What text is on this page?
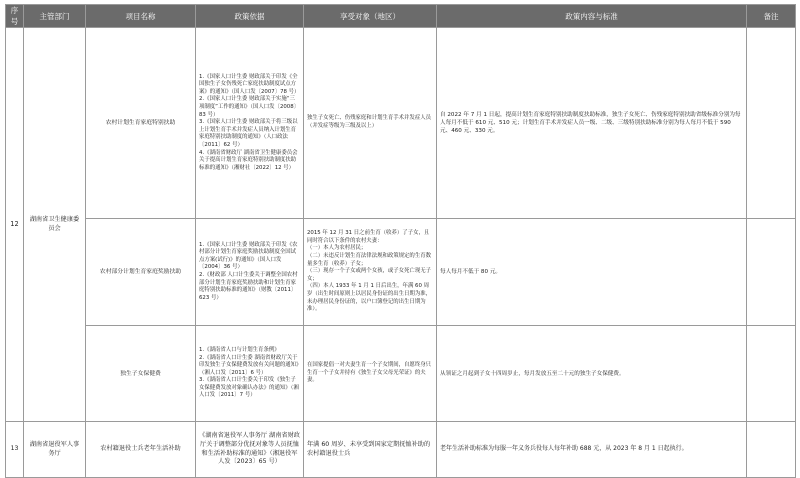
序号	主管部门	项目名称	政策依据	享受对象（地区）	政策内容与标准	备注
12	湖南省卫生健康委员会	农村计划生育家庭特别扶助	1.《国家人口计生委 财政部关于印发《全国独生子女伤残死亡家庭扶助制度试点方案》的通知》（国人口发〔2007〕78 号）
2.《国家人口计生委 财政部关于实施“三项制度”工作的通知》（国人口发〔2008〕83 号）
3.《国家人口计生委 财政部关于将三级以上计划生育手术并发症人员纳入计划生育家庭特别扶助制度的通知》（人口政法〔2011〕62 号）
4.《湖南省财政厅 湖南省卫生健康委员会关于提高计划生育家庭特别扶助制度扶助标准的通知》（湘财社〔2022〕12 号）	独生子女死亡、伤残家庭和计划生育手术并发症人员（并发症等级为三级及以上）	自 2022 年 7 月 1 日起，提高计划生育家庭特别扶助制度扶助标准，独生子女死亡、伤残家庭特别扶助省级标准分别为每人每月不低于 610 元、510 元；计划生育手术并发症人员一级、二级、三级特别扶助标准分别为每人每月不低于 590 元、460 元、330 元。	
		农村部分计划生育家庭奖励扶助	1.《国家人口计生委 财政部关于印发《农村部分计划生育家庭奖励扶助制度全国试点方案(试行)》的通知》（国人口发〔2004〕36 号）
2.《财政部 人口计生委关于调整全国农村部分计划生育家庭奖励扶助和计划生育家庭特别扶助标准的通知》（财教〔2011〕623 号）	2015 年 12 月 31 日之前生育（收养）了子女，且同时符合以下条件的农村夫妻：
（一）本人为农村居民；
（二）未违反计划生育法律法规和政策规定的生育数量多生育（收养）子女；
（三）现存一个子女或两个女孩，或子女死亡现无子女；
（四）本人 1933 年 1 月 1 日后出生，年满 60 周岁（出生时间原则上以居民身份证的出生日期为准，未办理居民身份证的，以户口簿登记的出生日期为准）。	每人每月不低于 80 元。	
		独生子女保健费	1.《湖南省人口与计划生育条例》
2.《湖南省人口计生委 湖南省财政厅关于印发独生子女保健费发放有关问题的通知》（湘人口发〔2011〕6 号）
3.《湖南省人口计生委关于印发《独生子女保健费发放对象确认办法》的通知》（湘人口发〔2011〕7 号）	在国家提倡一对夫妻生育一个子女期间，自愿终身只生育一个子女并持有《独生子女父母光荣证》的夫妻。	从领证之月起到子女十四周岁止，每月发放五至二十元的独生子女保健费。	
13	湖南省退役军人事务厅	农村籍退役士兵老年生活补助	《湖南省退役军人事务厅 湖南省财政厅关于调整部分优抚对象等人员抚恤和生活补助标准的通知》（湘退役军人发〔2023〕65 号）	年满 60 周岁、未享受到国家定期抚恤补助的农村籍退役士兵	老年生活补助标准为每服一年义务兵役每人每年补助 688 元，从 2023 年 8 月 1 日起执行。	
